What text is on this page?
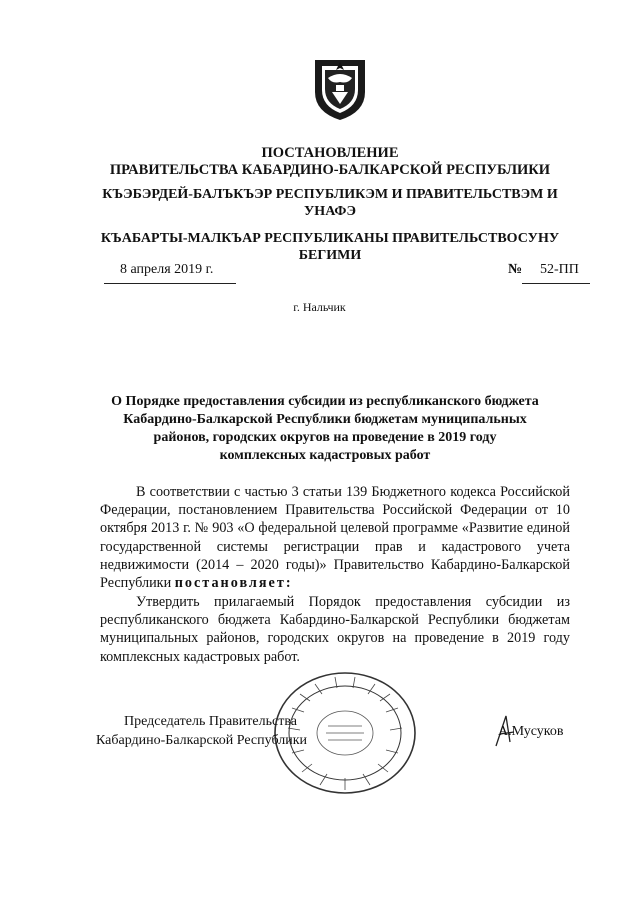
ПОСТАНОВЛЕНИЕ
ПРАВИТЕЛЬСТВА КАБАРДИНО-БАЛКАРСКОЙ РЕСПУБЛИКИ
КЪЭБЭРДЕЙ-БАЛЪКЪЭР РЕСПУБЛИКЭМ И ПРАВИТЕЛЬСТВЭМ И
УНАФЭ
КЪАБАРТЫ-МАЛКЪАР РЕСПУБЛИКАНЫ ПРАВИТЕЛЬСТВОСУНУ
БЕГИМИ
8 апреля 2019 г.	№ 52-ПП
г. Нальчик
О Порядке предоставления субсидии из республиканского бюджета
Кабардино-Балкарской Республики бюджетам муниципальных
районов, городских округов на проведение в 2019 году
комплексных кадастровых работ
В соответствии с частью 3 статьи 139 Бюджетного кодекса Российской Федерации, постановлением Правительства Российской Федерации от 10 октября 2013 г. № 903 «О федеральной целевой программе «Развитие единой государственной системы регистрации прав и кадастрового учета недвижимости (2014 – 2020 годы)» Правительство Кабардино-Балкарской Республики постановляет:
Утвердить прилагаемый Порядок предоставления субсидии из республиканского бюджета Кабардино-Балкарской Республики бюджетам муниципальных районов, городских округов на проведение в 2019 году комплексных кадастровых работ.
Председатель Правительства
Кабардино-Балкарской Республики
А.Мусуков
